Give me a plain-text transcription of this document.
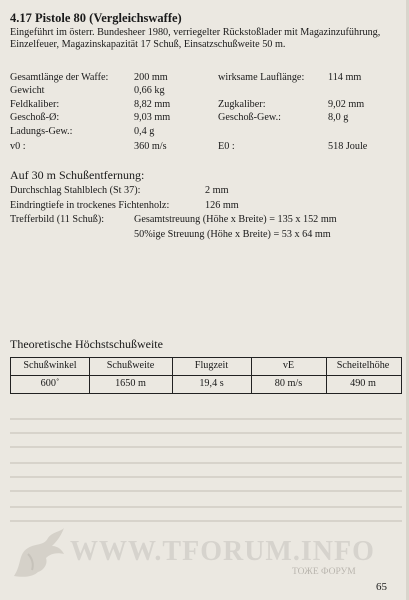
4.17 Pistole 80 (Vergleichswaffe)
Eingeführt im österr. Bundesheer 1980, verriegelter Rückstoßlader mit Magazinzuführung, Einzelfeuer, Magazinskapazität 17 Schuß, Einsatzschußweite 50 m.
Gesamtlänge der Waffe:	200 mm	wirksame Lauflänge: 114 mm
Gewicht	0,66 kg
Feldkaliber:	8,82 mm	Zugkaliber:	9,02 mm
Geschoß-Ø:	9,03 mm	Geschoß-Gew.:	8,0 g
Ladungs-Gew.:	0,4 g
v0 :	360 m/s	E0 :	518 Joule
Auf 30 m Schußentfernung:
Durchschlag Stahlblech (St 37):	2 mm
Eindringtiefe in trockenes Fichtenholz:	126 mm
Trefferbild (11 Schuß):	Gesamtstreuung (Höhe x Breite) = 135 x 152 mm
50%ige Streuung (Höhe x Breite) = 53 x 64 mm
Theoretische Höchstschußweite
Schußwinkel	Schußweite	Flugzeit	vE	Scheitelhöhe
600˚	1650 m	19,4 s	80 m/s	490 m
WWW.TFORUM.INFO
ТОЖЕ ФОРУМ
65
